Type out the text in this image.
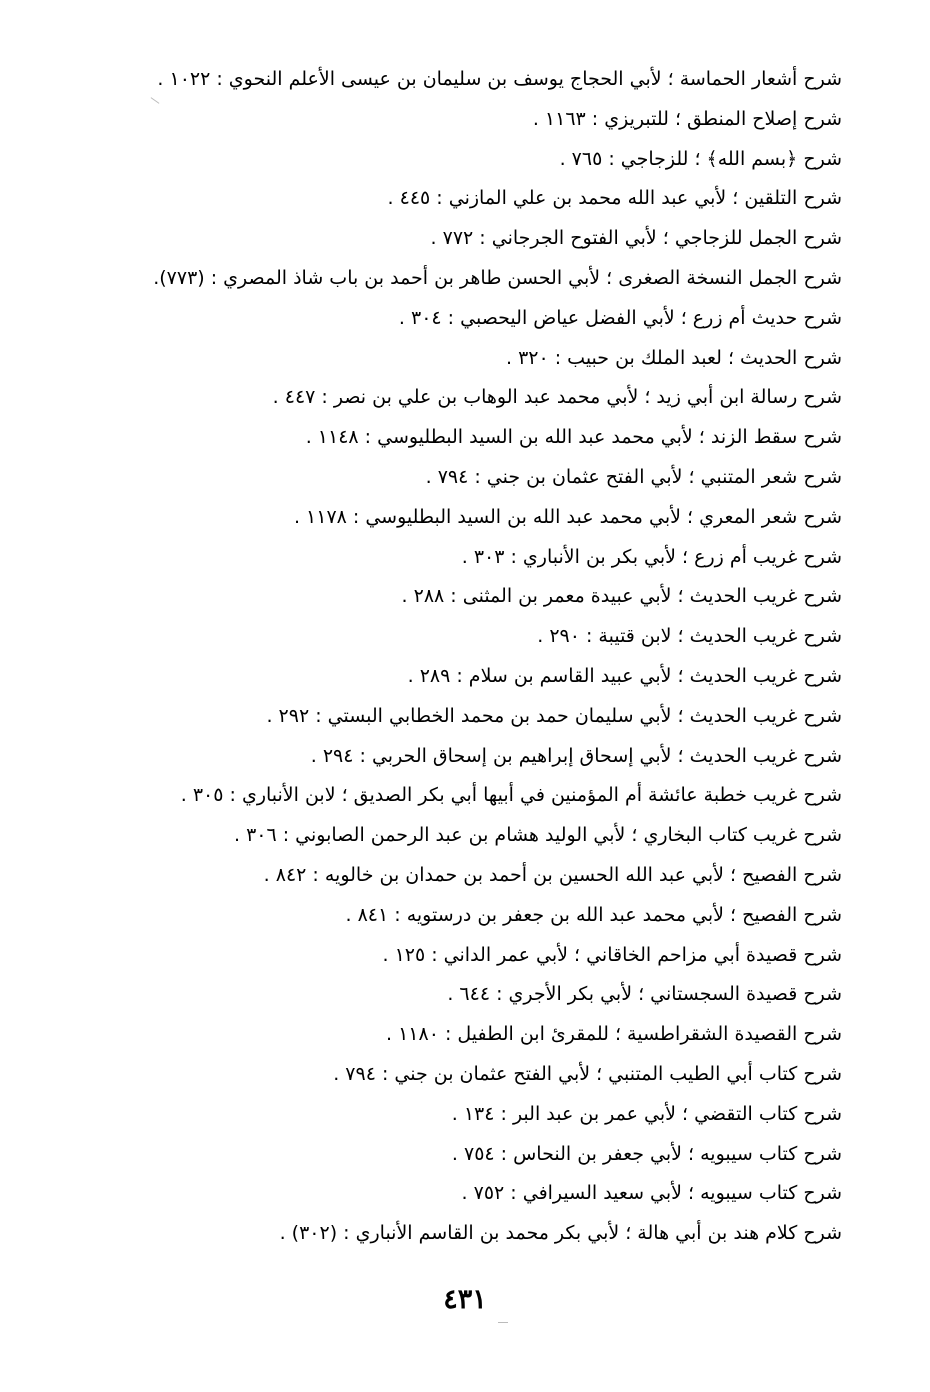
شرح أشعار الحماسة ؛ لأبي الحجاج يوسف بن سليمان بن عيسى الأعلم النحوي : ١٠٢٢ .
شرح إصلاح المنطق ؛ للتبريزي : ١١٦٣ .
شرح ﴿بسم الله﴾ ؛ للزجاجي : ٧٦٥ .
شرح التلقين ؛ لأبي عبد الله محمد بن علي المازني : ٤٤٥ .
شرح الجمل للزجاجي ؛ لأبي الفتوح الجرجاني : ٧٧٢ .
شرح الجمل النسخة الصغرى ؛ لأبي الحسن طاهر بن أحمد بن باب شاذ المصري : (٧٧٣).
شرح حديث أم زرع ؛ لأبي الفضل عياض اليحصبي : ٣٠٤ .
شرح الحديث ؛ لعبد الملك بن حبيب : ٣٢٠ .
شرح رسالة ابن أبي زيد ؛ لأبي محمد عبد الوهاب بن علي بن نصر : ٤٤٧ .
شرح سقط الزند ؛ لأبي محمد عبد الله بن السيد البطليوسي : ١١٤٨ .
شرح شعر المتنبي ؛ لأبي الفتح عثمان بن جني : ٧٩٤ .
شرح شعر المعري ؛ لأبي محمد عبد الله بن السيد البطليوسي : ١١٧٨ .
شرح غريب أم زرع ؛ لأبي بكر بن الأنباري : ٣٠٣ .
شرح غريب الحديث ؛ لأبي عبيدة معمر بن المثنى : ٢٨٨ .
شرح غريب الحديث ؛ لابن قتيبة : ٢٩٠ .
شرح غريب الحديث ؛ لأبي عبيد القاسم بن سلام : ٢٨٩ .
شرح غريب الحديث ؛ لأبي سليمان حمد بن محمد الخطابي البستي : ٢٩٢ .
شرح غريب الحديث ؛ لأبي إسحاق إبراهيم بن إسحاق الحربي : ٢٩٤ .
شرح غريب خطبة عائشة أم المؤمنين في أبيها أبي بكر الصديق ؛ لابن الأنباري : ٣٠٥ .
شرح غريب كتاب البخاري ؛ لأبي الوليد هشام بن عبد الرحمن الصابوني : ٣٠٦ .
شرح الفصيح ؛ لأبي عبد الله الحسين بن أحمد بن حمدان بن خالويه : ٨٤٢ .
شرح الفصيح ؛ لأبي محمد عبد الله بن جعفر بن درستويه : ٨٤١ .
شرح قصيدة أبي مزاحم الخاقاني ؛ لأبي عمر الداني : ١٢٥ .
شرح قصيدة السجستاني ؛ لأبي بكر الأجري : ٦٤٤ .
شرح القصيدة الشقراطسية ؛ للمقرئ ابن الطفيل : ١١٨٠ .
شرح كتاب أبي الطيب المتنبي ؛ لأبي الفتح عثمان بن جني : ٧٩٤ .
شرح كتاب التقضي ؛ لأبي عمر بن عبد البر : ١٣٤ .
شرح كتاب سيبويه ؛ لأبي جعفر بن النحاس : ٧٥٤ .
شرح كتاب سيبويه ؛ لأبي سعيد السيرافي : ٧٥٢ .
شرح كلام هند بن أبي هالة ؛ لأبي بكر محمد بن القاسم الأنباري : (٣٠٢) .
٤٣١
